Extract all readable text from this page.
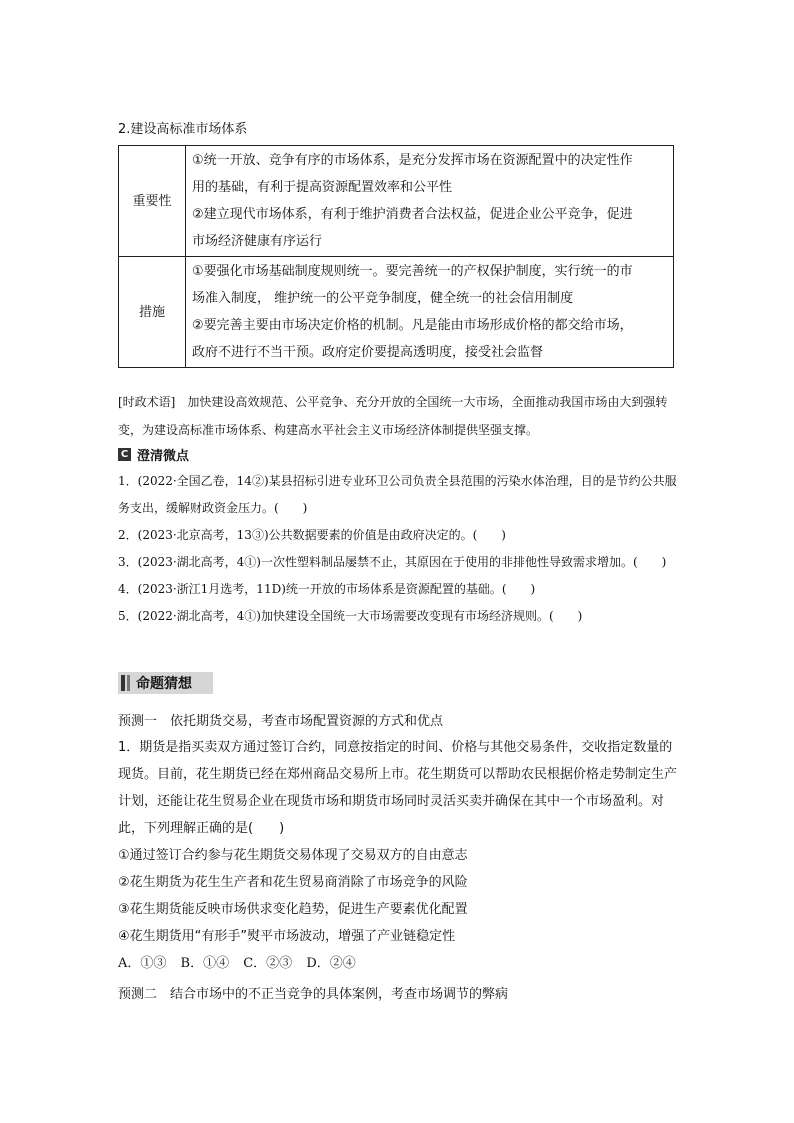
2.建设高标准市场体系
重要性	①统一开放、竞争有序的市场体系，是充分发挥市场在资源配置中的决定性作
用的基础，有利于提高资源配置效率和公平性
②建立现代市场体系，有利于维护消费者合法权益，促进企业公平竞争，促进
市场经济健康有序运行

措施	①要强化市场基础制度规则统一。要完善统一的产权保护制度，实行统一的市
场准入制度， 维护统一的公平竞争制度，健全统一的社会信用制度
②要完善主要由市场决定价格的机制。凡是能由市场形成价格的都交给市场，
政府不进行不当干预。政府定价要提高透明度，接受社会监督
[时政术语]　加快建设高效规范、公平竞争、充分开放的全国统一大市场，全面推动我国市场由大到强转变，为建设高标准市场体系、构建高水平社会主义市场经济体制提供坚强支撑。
C 澄清微点
1．(2022·全国乙卷，14②)某县招标引进专业环卫公司负责全县范围的污染水体治理，目的是节约公共服务支出，缓解财政资金压力。(　　)
2．(2023·北京高考，13③)公共数据要素的价值是由政府决定的。(　　)
3．(2023·湖北高考，4①)一次性塑料制品屡禁不止，其原因在于使用的非排他性导致需求增加。(　　)
4．(2023·浙江1月选考，11D)统一开放的市场体系是资源配置的基础。(　　)
5．(2022·湖北高考，4①)加快建设全国统一大市场需要改变现有市场经济规则。(　　)
命题猜想
预测一　依托期货交易，考查市场配置资源的方式和优点
1．期货是指买卖双方通过签订合约，同意按指定的时间、价格与其他交易条件，交收指定数量的现货。目前，花生期货已经在郑州商品交易所上市。花生期货可以帮助农民根据价格走势制定生产计划，还能让花生贸易企业在现货市场和期货市场同时灵活买卖并确保在其中一个市场盈利。对此，下列理解正确的是(　　)
①通过签订合约参与花生期货交易体现了交易双方的自由意志
②花生期货为花生生产者和花生贸易商消除了市场竞争的风险
③花生期货能反映市场供求变化趋势，促进生产要素优化配置
④花生期货用“有形手”熨平市场波动，增强了产业链稳定性
A．①③ B．①④ C．②③ D．②④
预测二　结合市场中的不正当竞争的具体案例，考查市场调节的弊病
